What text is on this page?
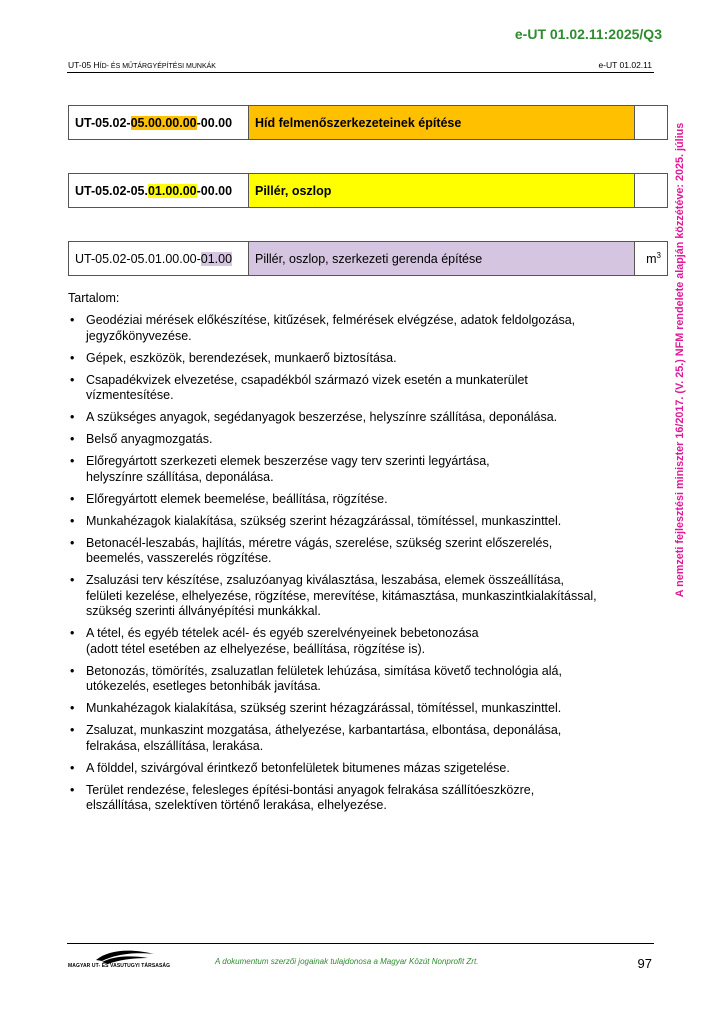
e-UT 01.02.11:2025/Q3
UT-05 HÍD- ÉS MŰTÁRGYÉPÍTÉSI MUNKÁK	e-UT 01.02.11
A nemzeti fejlesztési miniszter 16/2017. (V. 25.) NFM rendelete alapján közzétéve: 2025. július
UT-05.02-05.00.00.00-00.00	Híd felmenőszerkezeteinek építése	
UT-05.02-05.01.00.00-00.00	Pillér, oszlop	
UT-05.02-05.01.00.00-01.00	Pillér, oszlop, szerkezeti gerenda építése	$m^3$
Tartalom:
• Geodéziai mérések előkészítése, kitűzések, felmérések elvégzése, adatok feldolgozása,
jegyzőkönyvezése.
• Gépek, eszközök, berendezések, munkaerő biztosítása.
• Csapadékvizek elvezetése, csapadékból származó vizek esetén a munkaterület
vízmentesítése.
• A szükséges anyagok, segédanyagok beszerzése, helyszínre szállítása, deponálása.
• Belső anyagmozgatás.
• Előregyártott szerkezeti elemek beszerzése vagy terv szerinti legyártása,
helyszínre szállítása, deponálása.
• Előregyártott elemek beemelése, beállítása, rögzítése.
• Munkahézagok kialakítása, szükség szerint hézagzárással, tömítéssel, munkaszinttel.
• Betonacél-leszabás, hajlítás, méretre vágás, szerelése, szükség szerint előszerelés,
beemelés, vasszerelés rögzítése.
• Zsaluzási terv készítése, zsaluzóanyag kiválasztása, leszabása, elemek összeállítása,
felületi kezelése, elhelyezése, rögzítése, merevítése, kitámasztása, munkaszintkialakítással,
szükség szerinti állványépítési munkákkal.
• A tétel, és egyéb tételek acél- és egyéb szerelvényeinek bebetonozása
(adott tétel esetében az elhelyezése, beállítása, rögzítése is).
• Betonozás, tömörítés, zsaluzatlan felületek lehúzása, simítása követő technológia alá,
utókezelés, esetleges betonhibák javítása.
• Munkahézagok kialakítása, szükség szerint hézagzárással, tömítéssel, munkaszinttel.
• Zsaluzat, munkaszint mozgatása, áthelyezése, karbantartása, elbontása, deponálása,
felrakása, elszállítása, lerakása.
• A földdel, szivárgóval érintkező betonfelületek bitumenes mázas szigetelése.
• Terület rendezése, felesleges építési-bontási anyagok felrakása szállítóeszközre,
elszállítása, szelektíven történő lerakása, elhelyezése.
MAGYAR UT- ÉS VASUTUGYI TÁRSASÁG	A dokumentum szerzői jogainak tulajdonosa a Magyar Közút Nonprofit Zrt.	97
